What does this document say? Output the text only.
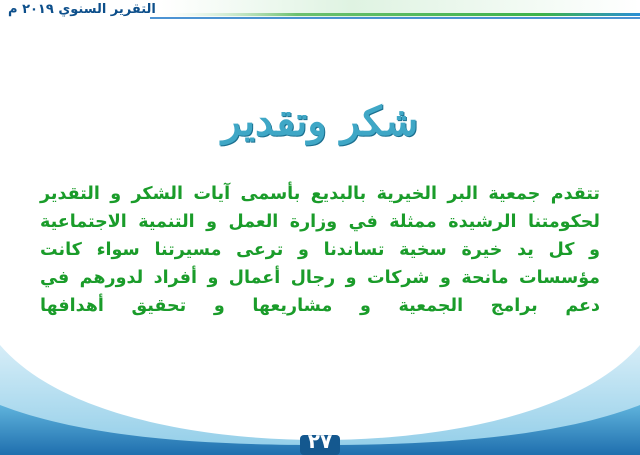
التقرير السنوي ٢٠١٩ م
شكر وتقدير
تتقدم جمعية البر الخيرية بالبديع بأسمى آيات الشكر و التقدير
لحكومتنا الرشيدة ممثلة في وزارة العمل و التنمية الاجتماعية
و كل يد خيرة سخية تساندنا و ترعى مسيرتنا سواء كانت
مؤسسات مانحة و شركات و رجال أعمال و أفراد لدورهم في
دعم برامج الجمعية و مشاريعها و تحقيق أهدافها
٢٧
